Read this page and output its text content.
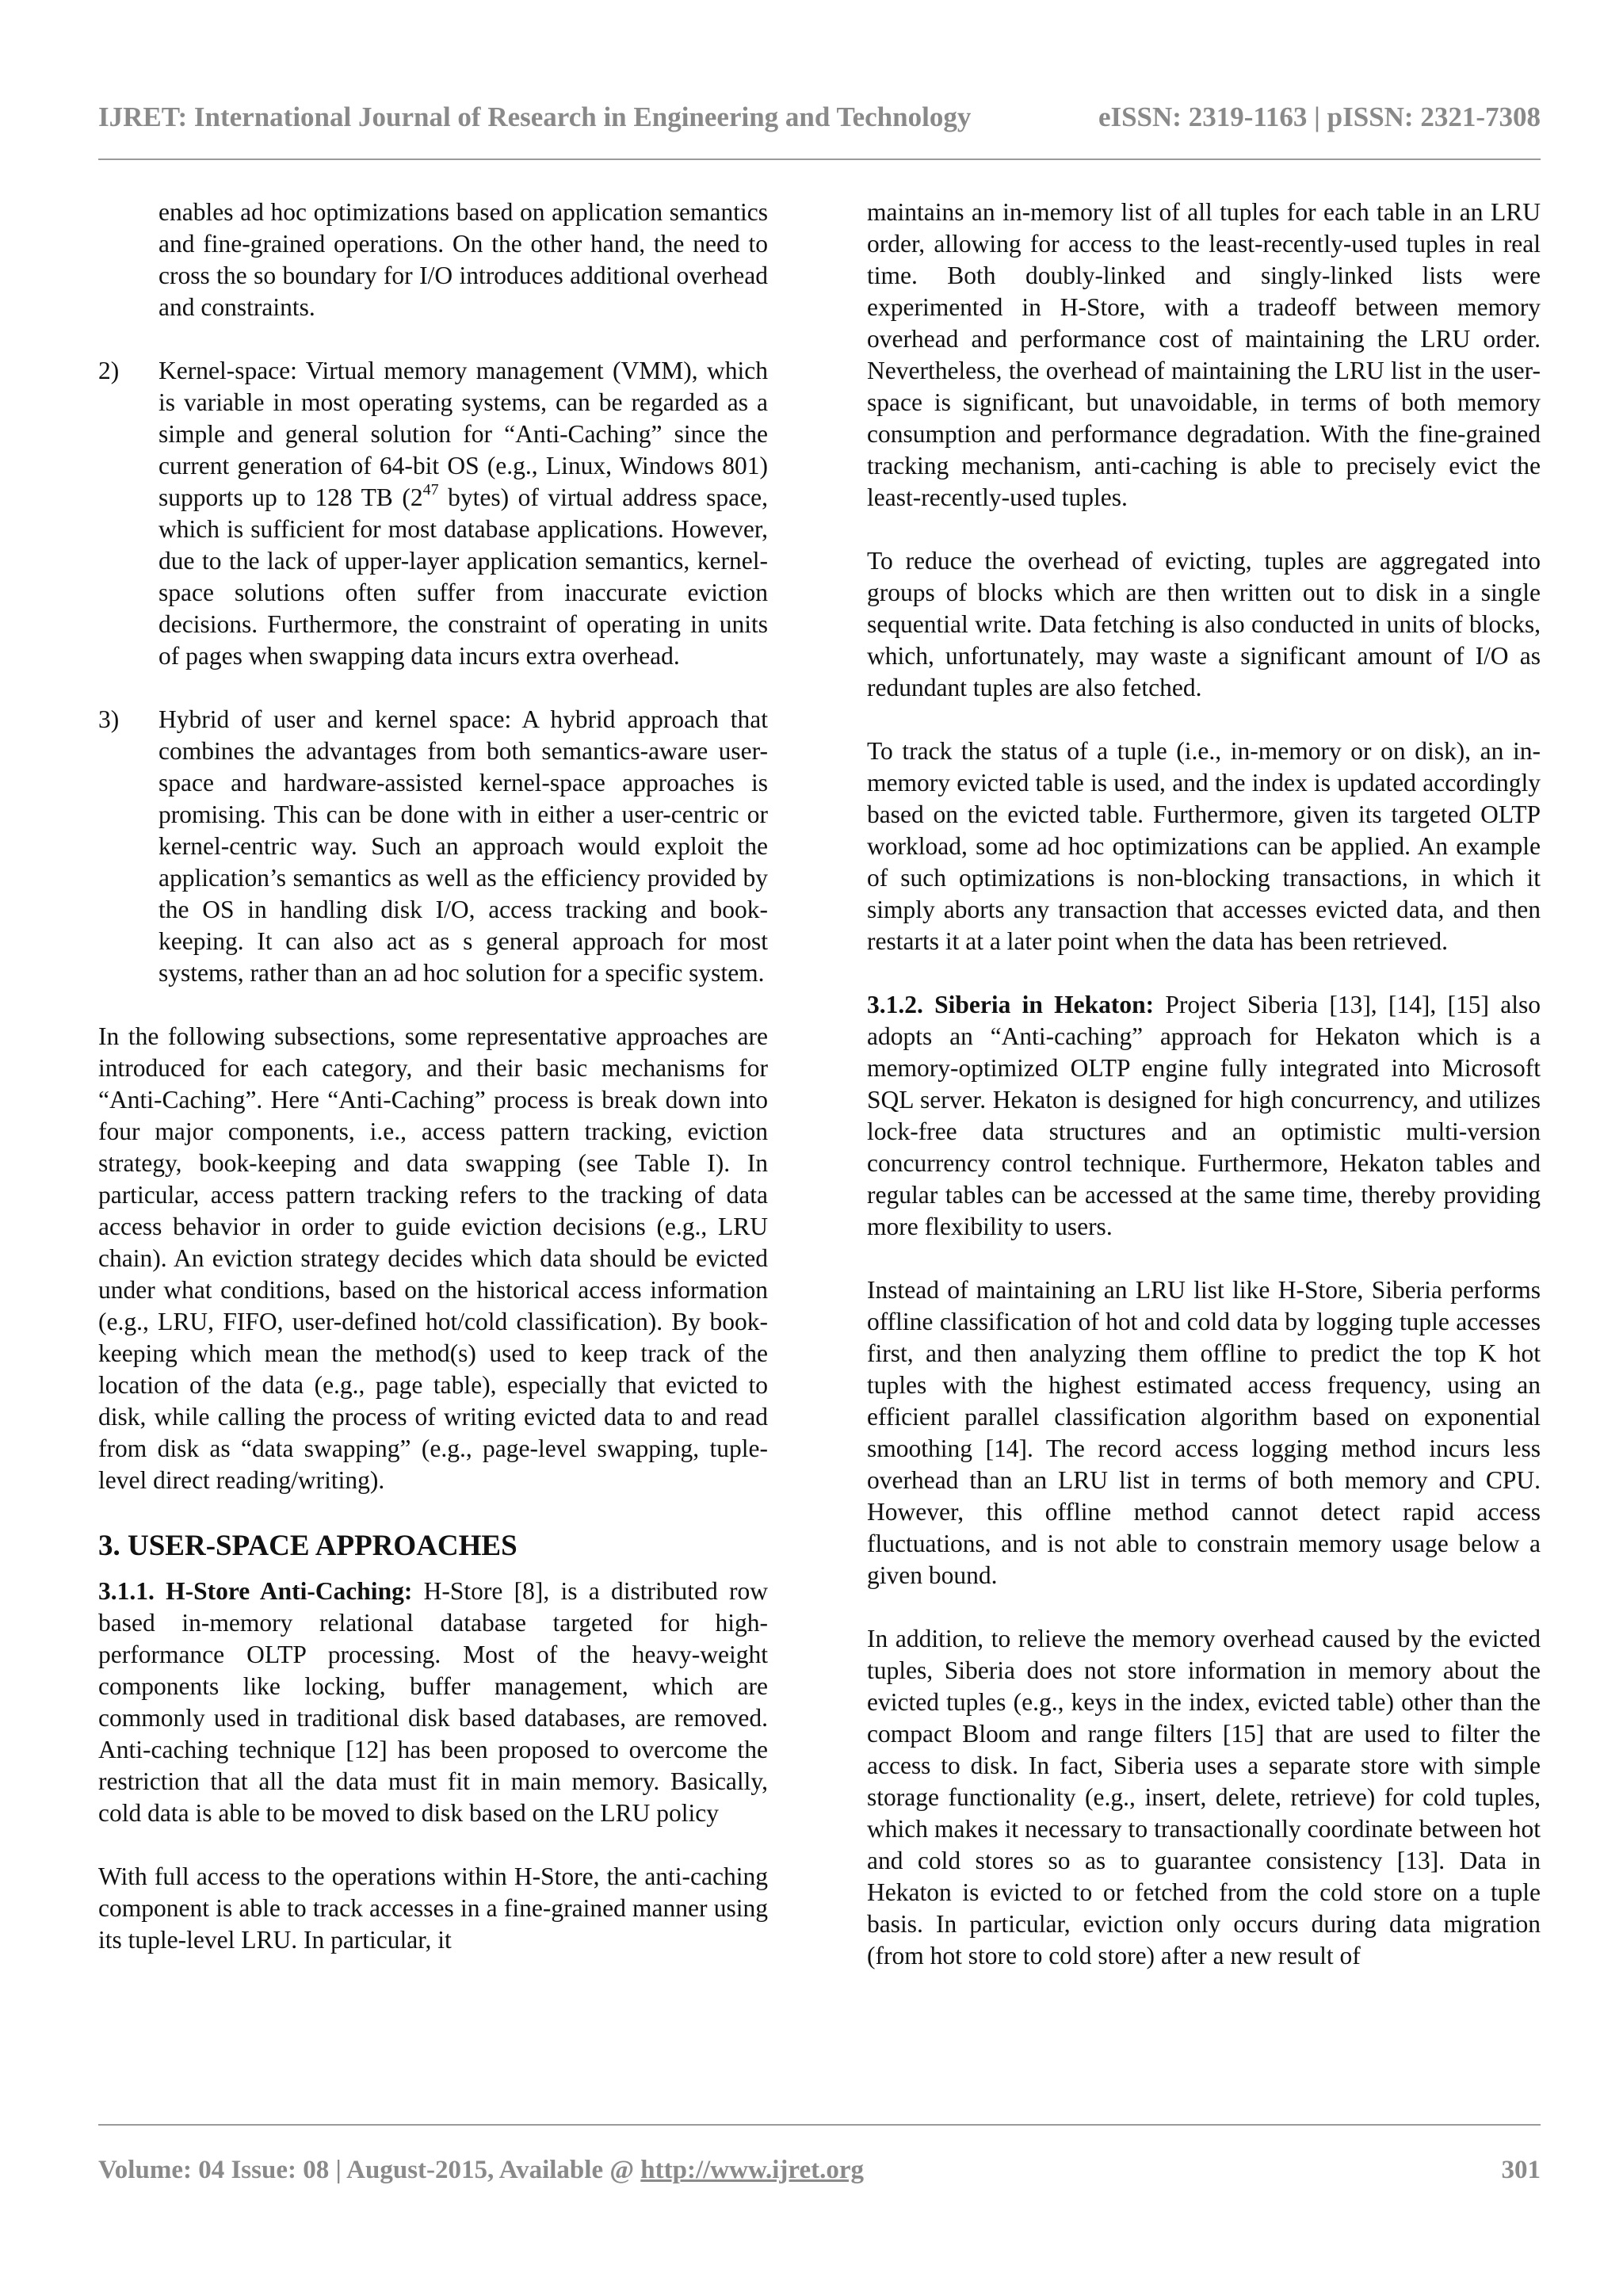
IJRET: International Journal of Research in Engineering and Technology	eISSN: 2319-1163 | pISSN: 2321-7308

enables ad hoc optimizations based on application semantics and fine-grained operations. On the other hand, the need to cross the so boundary for I/O introduces additional overhead and constraints.

2) Kernel-space: Virtual memory management (VMM), which is variable in most operating systems, can be regarded as a simple and general solution for “Anti-Caching” since the current generation of 64-bit OS (e.g., Linux, Windows 801) supports up to 128 TB ($2^{47}$ bytes) of virtual address space, which is sufficient for most database applications. However, due to the lack of upper-layer application semantics, kernel-space solutions often suffer from inaccurate eviction decisions. Furthermore, the constraint of operating in units of pages when swapping data incurs extra overhead.
3) Hybrid of user and kernel space: A hybrid approach that combines the advantages from both semantics-aware user-space and hardware-assisted kernel-space approaches is promising. This can be done with in either a user-centric or kernel-centric way. Such an approach would exploit the application’s semantics as well as the efficiency provided by the OS in handling disk I/O, access tracking and book-keeping. It can also act as s general approach for most systems, rather than an ad hoc solution for a specific system.

In the following subsections, some representative approaches are introduced for each category, and their basic mechanisms for “Anti-Caching”. Here “Anti-Caching” process is break down into four major components, i.e., access pattern tracking, eviction strategy, book-keeping and data swapping (see Table I). In particular, access pattern tracking refers to the tracking of data access behavior in order to guide eviction decisions (e.g., LRU chain). An eviction strategy decides which data should be evicted under what conditions, based on the historical access information (e.g., LRU, FIFO, user-defined hot/cold classification). By book-keeping which mean the method(s) used to keep track of the location of the data (e.g., page table), especially that evicted to disk, while calling the process of writing evicted data to and read from disk as “data swapping” (e.g., page-level swapping, tuple-level direct reading/writing).

3. USER-SPACE APPROACHES

3.1.1. H-Store Anti-Caching: H-Store [8], is a distributed row based in-memory relational database targeted for high-performance OLTP processing. Most of the heavy-weight components like locking, buffer management, which are commonly used in traditional disk based databases, are removed. Anti-caching technique [12] has been proposed to overcome the restriction that all the data must fit in main memory. Basically, cold data is able to be moved to disk based on the LRU policy

With full access to the operations within H-Store, the anti-caching component is able to track accesses in a fine-grained manner using its tuple-level LRU. In particular, it

maintains an in-memory list of all tuples for each table in an LRU order, allowing for access to the least-recently-used tuples in real time. Both doubly-linked and singly-linked lists were experimented in H-Store, with a tradeoff between memory overhead and performance cost of maintaining the LRU order. Nevertheless, the overhead of maintaining the LRU list in the user-space is significant, but unavoidable, in terms of both memory consumption and performance degradation. With the fine-grained tracking mechanism, anti-caching is able to precisely evict the least-recently-used tuples.

To reduce the overhead of evicting, tuples are aggregated into groups of blocks which are then written out to disk in a single sequential write. Data fetching is also conducted in units of blocks, which, unfortunately, may waste a significant amount of I/O as redundant tuples are also fetched.

To track the status of a tuple (i.e., in-memory or on disk), an in-memory evicted table is used, and the index is updated accordingly based on the evicted table. Furthermore, given its targeted OLTP workload, some ad hoc optimizations can be applied. An example of such optimizations is non-blocking transactions, in which it simply aborts any transaction that accesses evicted data, and then restarts it at a later point when the data has been retrieved.

3.1.2. Siberia in Hekaton: Project Siberia [13], [14], [15] also adopts an “Anti-caching” approach for Hekaton which is a memory-optimized OLTP engine fully integrated into Microsoft SQL server. Hekaton is designed for high concurrency, and utilizes lock-free data structures and an optimistic multi-version concurrency control technique. Furthermore, Hekaton tables and regular tables can be accessed at the same time, thereby providing more flexibility to users.

Instead of maintaining an LRU list like H-Store, Siberia performs offline classification of hot and cold data by logging tuple accesses first, and then analyzing them offline to predict the top K hot tuples with the highest estimated access frequency, using an efficient parallel classification algorithm based on exponential smoothing [14]. The record access logging method incurs less overhead than an LRU list in terms of both memory and CPU. However, this offline method cannot detect rapid access fluctuations, and is not able to constrain memory usage below a given bound.

In addition, to relieve the memory overhead caused by the evicted tuples, Siberia does not store information in memory about the evicted tuples (e.g., keys in the index, evicted table) other than the compact Bloom and range filters [15] that are used to filter the access to disk. In fact, Siberia uses a separate store with simple storage functionality (e.g., insert, delete, retrieve) for cold tuples, which makes it necessary to transactionally coordinate between hot and cold stores so as to guarantee consistency [13]. Data in Hekaton is evicted to or fetched from the cold store on a tuple basis. In particular, eviction only occurs during data migration (from hot store to cold store) after a new result of

Volume: 04 Issue: 08 | August-2015, Available @ http://www.ijret.org	301
